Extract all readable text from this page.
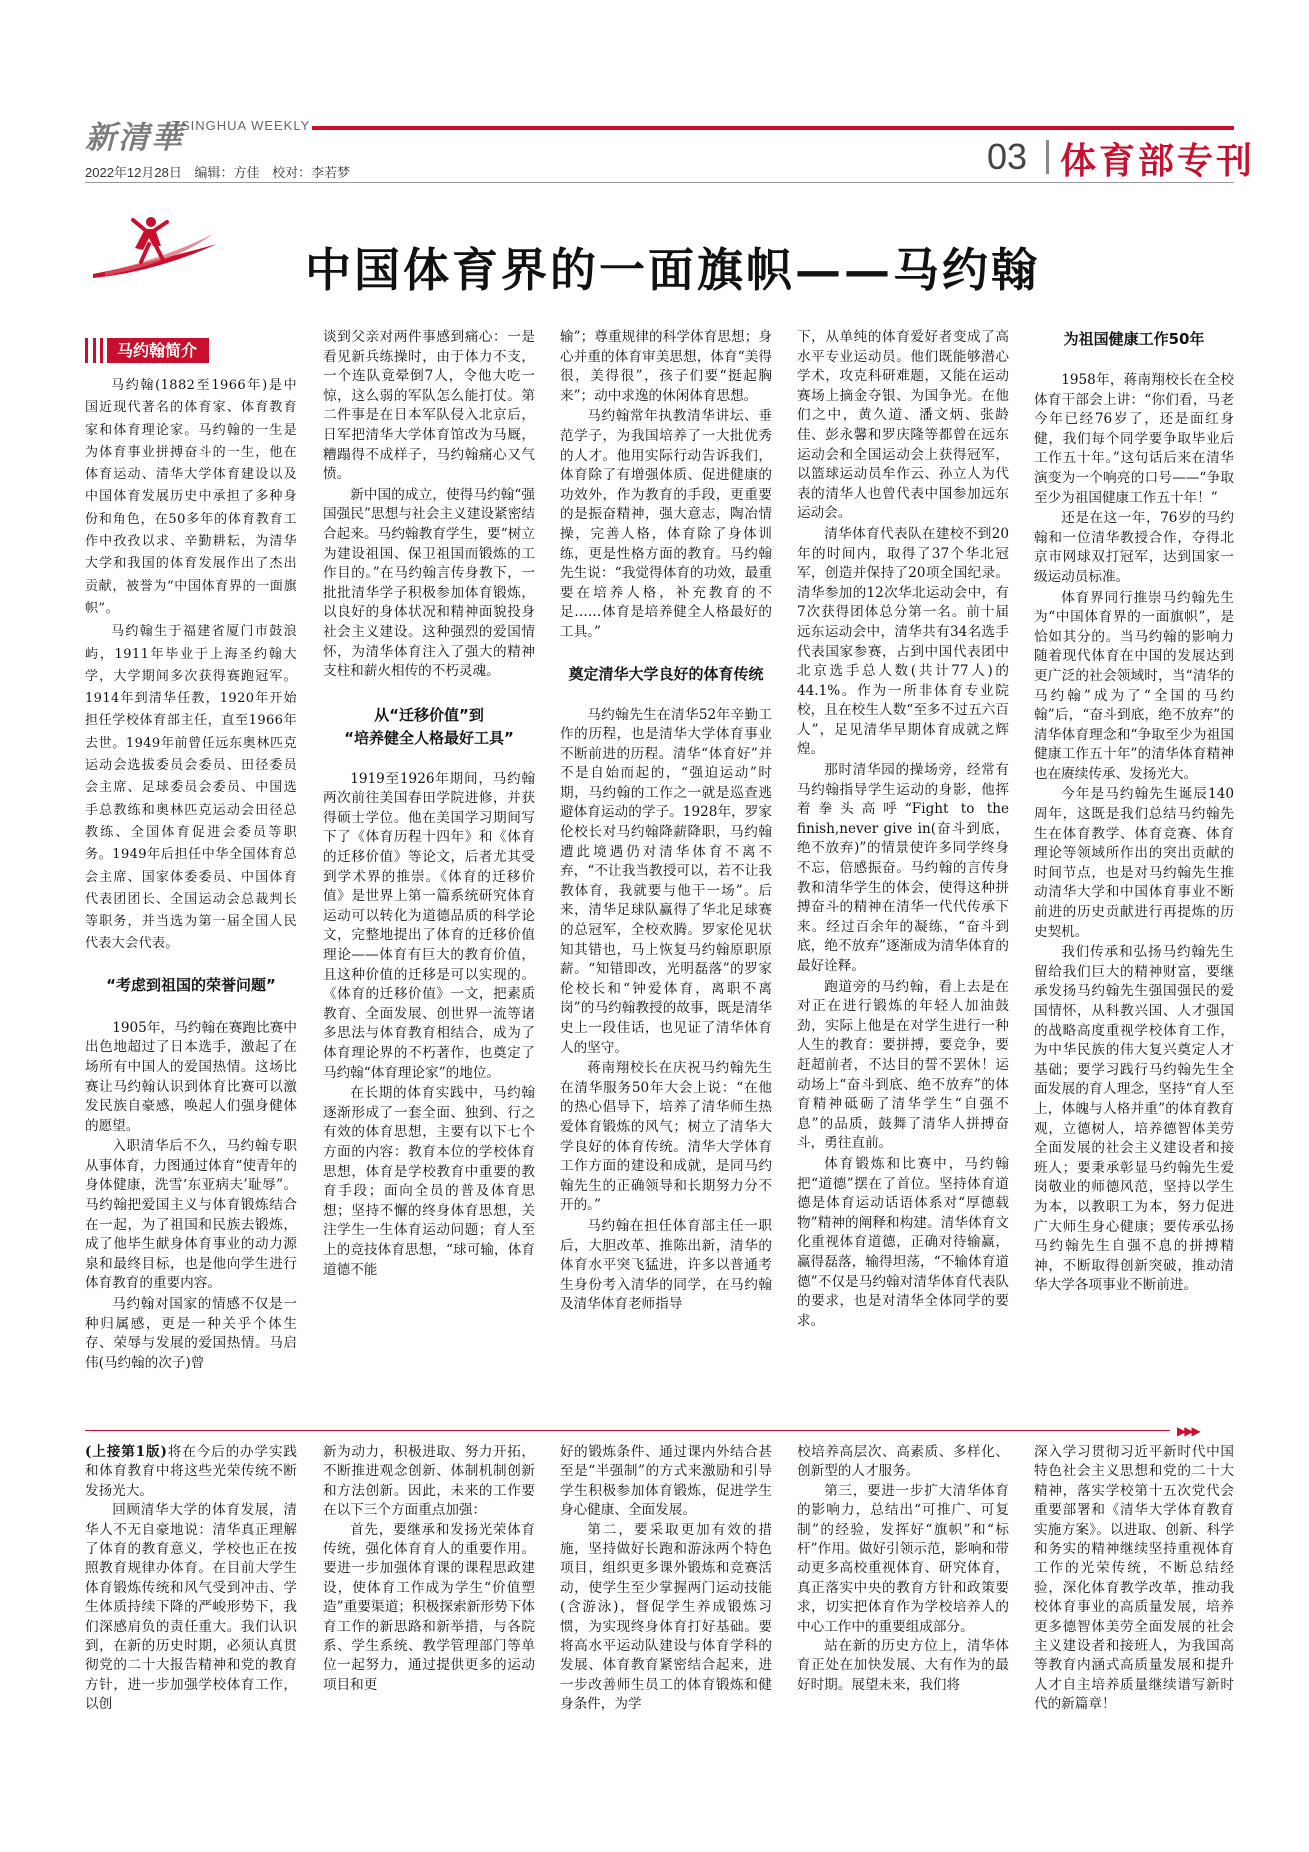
新清華
TSINGHUA WEEKLY
2022年12月28日 编辑：方佳 校对：李若梦	03 体育部专刊
中国体育界的一面旗帜——马约翰
马约翰简介

马约翰(1882至1966年)是中国近现代著名的体育家、体育教育家和体育理论家。马约翰的一生是为体育事业拼搏奋斗的一生，他在体育运动、清华大学体育建设以及中国体育发展历史中承担了多种身份和角色，在50多年的体育教育工作中孜孜以求、辛勤耕耘，为清华大学和我国的体育发展作出了杰出贡献，被誉为“中国体育界的一面旗帜”。

马约翰生于福建省厦门市鼓浪屿，1911年毕业于上海圣约翰大学，大学期间多次获得赛跑冠军。1914年到清华任教，1920年开始担任学校体育部主任，直至1966年去世。1949年前曾任远东奥林匹克运动会选拔委员会委员、田径委员会主席、足球委员会委员、中国选手总教练和奥林匹克运动会田径总教练、全国体育促进会委员等职务。1949年后担任中华全国体育总会主席、国家体委委员、中国体育代表团团长、全国运动会总裁判长等职务，并当选为第一届全国人民代表大会代表。

“考虑到祖国的荣誉问题”

1905年，马约翰在赛跑比赛中出色地超过了日本选手，激起了在场所有中国人的爱国热情。这场比赛让马约翰认识到体育比赛可以激发民族自豪感，唤起人们强身健体的愿望。

入职清华后不久，马约翰专职从事体育，力图通过体育“使青年的身体健康，洗雪‘东亚病夫’耻辱”。马约翰把爱国主义与体育锻炼结合在一起，为了祖国和民族去锻炼，成了他毕生献身体育事业的动力源泉和最终目标，也是他向学生进行体育教育的重要内容。

马约翰对国家的情感不仅是一种归属感，更是一种关乎个体生存、荣辱与发展的爱国热情。马启伟(马约翰的次子)曾

谈到父亲对两件事感到痛心：一是看见新兵练操时，由于体力不支，一个连队竟晕倒7人，令他大吃一惊，这么弱的军队怎么能打仗。第二件事是在日本军队侵入北京后，日军把清华大学体育馆改为马厩，糟蹋得不成样子，马约翰痛心又气愤。

新中国的成立，使得马约翰“强国强民”思想与社会主义建设紧密结合起来。马约翰教育学生，要“树立为建设祖国、保卫祖国而锻炼的工作目的。”在马约翰言传身教下，一批批清华学子积极参加体育锻炼，以良好的身体状况和精神面貌投身社会主义建设。这种强烈的爱国情怀，为清华体育注入了强大的精神支柱和薪火相传的不朽灵魂。

从“迁移价值”到
“培养健全人格最好工具”

1919至1926年期间，马约翰两次前往美国春田学院进修，并获得硕士学位。他在美国学习期间写下了《体育历程十四年》和《体育的迁移价值》等论文，后者尤其受到学术界的推崇。《体育的迁移价值》是世界上第一篇系统研究体育运动可以转化为道德品质的科学论文，完整地提出了体育的迁移价值理论——体育有巨大的教育价值，且这种价值的迁移是可以实现的。《体育的迁移价值》一文，把素质教育、全面发展、创世界一流等诸多思法与体育教育相结合，成为了体育理论界的不朽著作，也奠定了马约翰“体育理论家”的地位。

在长期的体育实践中，马约翰逐渐形成了一套全面、独到、行之有效的体育思想，主要有以下七个方面的内容：教育本位的学校体育思想，体育是学校教育中重要的教育手段；面向全员的普及体育思想；坚持不懈的终身体育思想，关注学生一生体育运动问题；育人至上的竞技体育思想，“球可输，体育道德不能

输”；尊重规律的科学体育思想；身心并重的体育审美思想，体育“美得很，美得很”，孩子们要“挺起胸来”；动中求逸的休闲体育思想。

马约翰常年执教清华讲坛、垂范学子，为我国培养了一大批优秀的人才。他用实际行动告诉我们，体育除了有增强体质、促进健康的功效外，作为教育的手段，更重要的是振奋精神，强大意志，陶冶情操，完善人格，体育除了身体训练，更是性格方面的教育。马约翰先生说：“我觉得体育的功效，最重要在培养人格，补充教育的不足……体育是培养健全人格最好的工具。”

奠定清华大学良好的体育传统

马约翰先生在清华52年辛勤工作的历程，也是清华大学体育事业不断前进的历程。清华“体育好”并不是自始而起的，“强迫运动”时期，马约翰的工作之一就是巡查逃避体育运动的学子。1928年，罗家伦校长对马约翰降薪降职，马约翰遭此境遇仍对清华体育不离不弃，“不让我当教授可以，若不让我教体育，我就要与他干一场”。后来，清华足球队赢得了华北足球赛的总冠军，全校欢腾。罗家伦见状知其错也，马上恢复马约翰原职原薪。“知错即改，光明磊落”的罗家伦校长和“钟爱体育，离职不离岗”的马约翰教授的故事，既是清华史上一段佳话，也见证了清华体育人的坚守。

蒋南翔校长在庆祝马约翰先生在清华服务50年大会上说：“在他的热心倡导下，培养了清华师生热爱体育锻炼的风气；树立了清华大学良好的体育传统。清华大学体育工作方面的建设和成就，是同马约翰先生的正确领导和长期努力分不开的。”

马约翰在担任体育部主任一职后，大胆改革、推陈出新，清华的体育水平突飞猛进，许多以普通考生身份考入清华的同学，在马约翰及清华体育老师指导

下，从单纯的体育爱好者变成了高水平专业运动员。他们既能够潜心学术，攻克科研难题，又能在运动赛场上摘金夺银、为国争光。在他们之中，黄久道、潘文炳、张龄佳、彭永馨和罗庆隆等都曾在远东运动会和全国运动会上获得冠军，以篮球运动员牟作云、孙立人为代表的清华人也曾代表中国参加远东运动会。

清华体育代表队在建校不到20年的时间内，取得了37个华北冠军，创造并保持了20项全国纪录。清华参加的12次华北运动会中，有7次获得团体总分第一名。前十届远东运动会中，清华共有34名选手代表国家参赛，占到中国代表团中北京选手总人数(共计77人)的44.1%。作为一所非体育专业院校，且在校生人数“至多不过五六百人”，足见清华早期体育成就之辉煌。

那时清华园的操场旁，经常有马约翰指导学生运动的身影，他挥着拳头高呼“Fight to the finish,never give in(奋斗到底，绝不放弃)”的情景使许多同学终身不忘，倍感振奋。马约翰的言传身教和清华学生的体会，使得这种拼搏奋斗的精神在清华一代代传承下来。经过百余年的凝练，“奋斗到底，绝不放弃”逐渐成为清华体育的最好诠释。

跑道旁的马约翰，看上去是在对正在进行锻炼的年轻人加油鼓劲，实际上他是在对学生进行一种人生的教育：要拼搏，要竞争，要赶超前者，不达目的誓不罢休！运动场上“奋斗到底、绝不放弃”的体育精神砥砺了清华学生“自强不息”的品质，鼓舞了清华人拼搏奋斗，勇往直前。

体育锻炼和比赛中，马约翰把“道德”摆在了首位。坚持体育道德是体育运动话语体系对“厚德载物”精神的阐释和构建。清华体育文化重视体育道德，正确对待输赢，赢得磊落，输得坦荡，“不输体育道德”不仅是马约翰对清华体育代表队的要求，也是对清华全体同学的要求。

为祖国健康工作50年

1958年，蒋南翔校长在全校体育干部会上讲：“你们看，马老今年已经76岁了，还是面红身健，我们每个同学要争取毕业后工作五十年。”这句话后来在清华演变为一个响亮的口号——“争取至少为祖国健康工作五十年！”

还是在这一年，76岁的马约翰和一位清华教授合作，夺得北京市网球双打冠军，达到国家一级运动员标准。

体育界同行推崇马约翰先生为“中国体育界的一面旗帜”，是恰如其分的。当马约翰的影响力随着现代体育在中国的发展达到更广泛的社会领域时，当“清华的马约翰”成为了“全国的马约翰”后，“奋斗到底，绝不放弃”的清华体育理念和“争取至少为祖国健康工作五十年”的清华体育精神也在赓续传承、发扬光大。

今年是马约翰先生诞辰140周年，这既是我们总结马约翰先生在体育教学、体育竞赛、体育理论等领域所作出的突出贡献的时间节点，也是对马约翰先生推动清华大学和中国体育事业不断前进的历史贡献进行再提炼的历史契机。

我们传承和弘扬马约翰先生留给我们巨大的精神财富，要继承发扬马约翰先生强国强民的爱国情怀，从科教兴国、人才强国的战略高度重视学校体育工作，为中华民族的伟大复兴奠定人才基础；要学习践行马约翰先生全面发展的育人理念，坚持“育人至上，体魄与人格并重”的体育教育观，立德树人，培养德智体美劳全面发展的社会主义建设者和接班人；要秉承彰显马约翰先生爱岗敬业的师德风范，坚持以学生为本，以教职工为本，努力促进广大师生身心健康；要传承弘扬马约翰先生自强不息的拼搏精神，不断取得创新突破，推动清华大学各项事业不断前进。

▶▶▶

(上接第1版)将在今后的办学实践和体育教育中将这些光荣传统不断发扬光大。

回顾清华大学的体育发展，清华人不无自豪地说：清华真正理解了体育的教育意义，学校也正在按照教育规律办体育。在目前大学生体育锻炼传统和风气受到冲击、学生体质持续下降的严峻形势下，我们深感肩负的责任重大。我们认识到，在新的历史时期，必须认真贯彻党的二十大报告精神和党的教育方针，进一步加强学校体育工作，以创

新为动力，积极进取、努力开拓，不断推进观念创新、体制机制创新和方法创新。因此，未来的工作要在以下三个方面重点加强：

首先，要继承和发扬光荣体育传统，强化体育育人的重要作用。要进一步加强体育课的课程思政建设，使体育工作成为学生“价值塑造”重要渠道；积极探索新形势下体育工作的新思路和新举措，与各院系、学生系统、教学管理部门等单位一起努力，通过提供更多的运动项目和更

好的锻炼条件、通过课内外结合甚至是“半强制”的方式来激励和引导学生积极参加体育锻炼，促进学生身心健康、全面发展。

第二，要采取更加有效的措施，坚持做好长跑和游泳两个特色项目，组织更多课外锻炼和竞赛活动，使学生至少掌握两门运动技能(含游泳)，督促学生养成锻炼习惯，为实现终身体育打好基础。要将高水平运动队建设与体育学科的发展、体育教育紧密结合起来，进一步改善师生员工的体育锻炼和健身条件，为学

校培养高层次、高素质、多样化、创新型的人才服务。

第三，要进一步扩大清华体育的影响力，总结出“可推广、可复制”的经验，发挥好“旗帜”和“标杆”作用。做好引领示范，影响和带动更多高校重视体育、研究体育，真正落实中央的教育方针和政策要求，切实把体育作为学校培养人的中心工作中的重要组成部分。

站在新的历史方位上，清华体育正处在加快发展、大有作为的最好时期。展望未来，我们将

深入学习贯彻习近平新时代中国特色社会主义思想和党的二十大精神，落实学校第十五次党代会重要部署和《清华大学体育教育实施方案》。以进取、创新、科学和务实的精神继续坚持重视体育工作的光荣传统，不断总结经验，深化体育教学改革，推动我校体育事业的高质量发展，培养更多德智体美劳全面发展的社会主义建设者和接班人，为我国高等教育内涵式高质量发展和提升人才自主培养质量继续谱写新时代的新篇章！
